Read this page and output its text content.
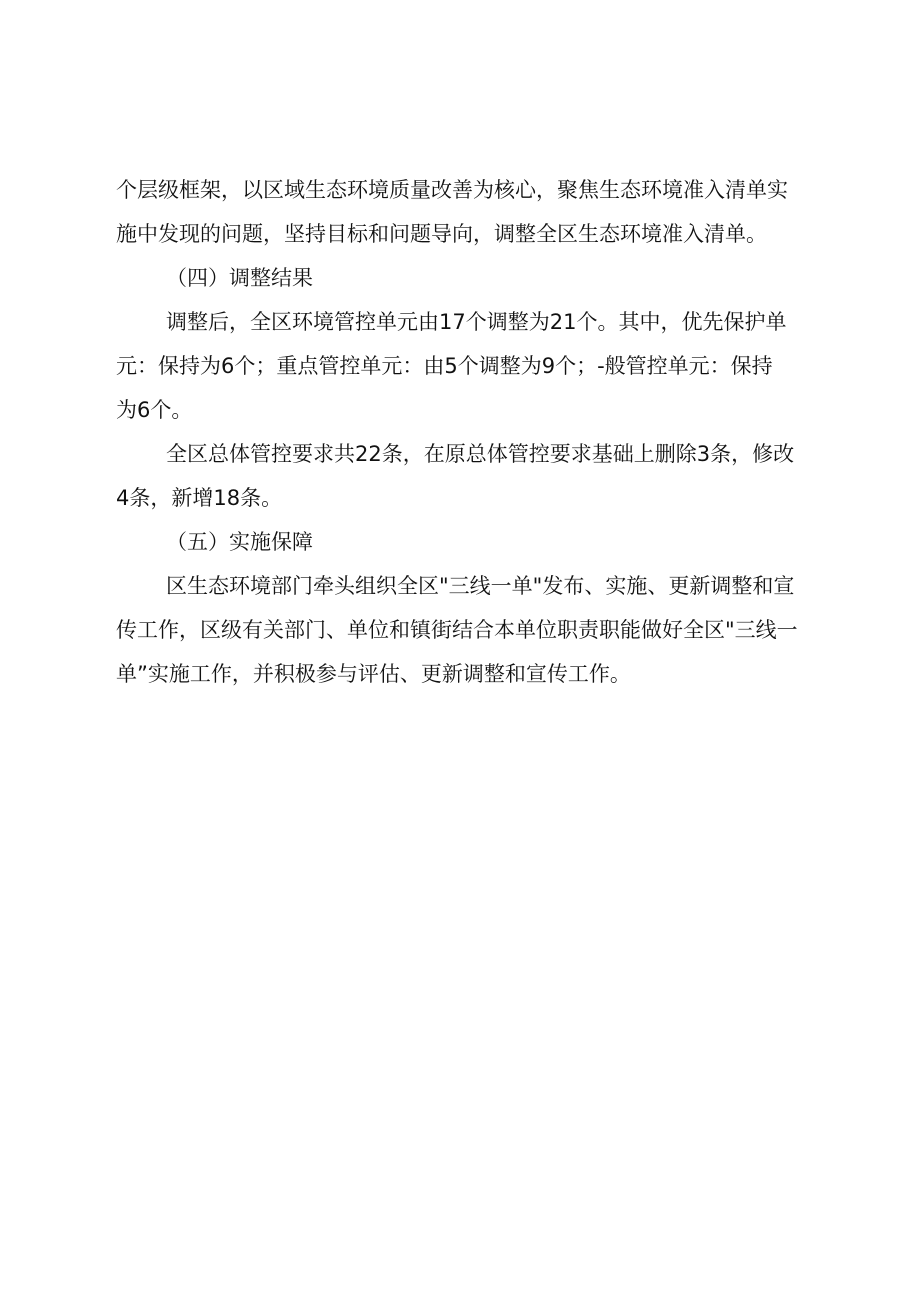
个层级框架，以区域生态环境质量改善为核心，聚焦生态环境准入清单实
施中发现的问题，坚持目标和问题导向，调整全区生态环境准入清单。
（四）调整结果
调整后，全区环境管控单元由17个调整为21个。其中，优先保护单
元：保持为6个；重点管控单元：由5个调整为9个；-般管控单元：保持
为6个。
全区总体管控要求共22条，在原总体管控要求基础上删除3条，修改
4条，新增18条。
（五）实施保障
区生态环境部门牵头组织全区"三线一单"发布、实施、更新调整和宣
传工作，区级有关部门、单位和镇街结合本单位职责职能做好全区"三线一
单”实施工作，并积极参与评估、更新调整和宣传工作。
